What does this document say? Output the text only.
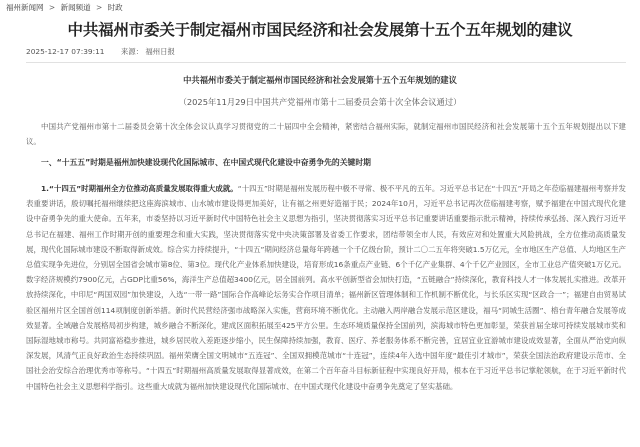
福州新闻网 > 新闻频道 > 时政
中共福州市委关于制定福州市国民经济和社会发展第十五个五年规划的建议
2025-12-17 07:39:11 来源： 福州日报
中共福州市委关于制定福州市国民经济和社会发展第十五个五年规划的建议
（2025年11月29日中国共产党福州市第十二届委员会第十次全体会议通过）

中国共产党福州市第十二届委员会第十次全体会议认真学习贯彻党的二十届四中全会精神，紧密结合福州实际，就制定福州市国民经济和社会发展第十五个五年规划提出以下建议。

一、“十五五”时期是福州加快建设现代化国际城市、在中国式现代化建设中奋勇争先的关键时期

1.“十四五”时期福州全方位推动高质量发展取得重大成就。“十四五”时期是福州发展历程中极不寻常、极不平凡的五年。习近平总书记在“十四五”开局之年莅临福建福州考察并发表重要讲话，殷切嘱托福州继续把这座海滨城市、山水城市建设得更加美好，让有福之州更好造福于民；2024年10月，习近平总书记再次莅临福建考察，赋予福建在中国式现代化建设中奋勇争先的重大使命。五年来，市委坚持以习近平新时代中国特色社会主义思想为指引，坚决贯彻落实习近平总书记重要讲话重要指示批示精神，持续传承弘扬、深入践行习近平总书记在福建、福州工作时期开创的重要理念和重大实践，坚决贯彻落实党中央决策部署及省委工作要求，团结带领全市人民，有效应对和处置重大风险挑战，全方位推动高质量发展，现代化国际城市建设不断取得新成效。综合实力持续提升，“十四五”期间经济总量每年跨越一个千亿级台阶，预计二〇二五年将突破1.5万亿元，全市地区生产总值、人均地区生产总值实现争先进位，分别居全国省会城市第8位、第3位。现代化产业体系加快建设，培育形成16条重点产业链、6个千亿产业集群、4个千亿产业园区，全市工业总产值突破1万亿元。数字经济规模约7900亿元，占GDP比重56%，海洋生产总值超3400亿元，居全国前列。高水平创新型省会加快打造，“五链融合”持续深化，教育科技人才一体发展扎实推进。改革开放持续深化，中印尼“两国双园”加快建设，入选“一带一路”国际合作高峰论坛务实合作项目清单；福州新区管理体制和工作机制不断优化，与长乐区实现“区政合一”；福建自由贸易试验区福州片区全国首创114项制度创新举措。新时代民营经济强市战略深入实施，营商环境不断优化。主动融入两岸融合发展示范区建设，福马“同城生活圈”、榕台青年融合发展等成效显著。全域融合发展格局初步构建，城乡融合不断深化，建成区面积拓展至425平方公里。生态环境质量保持全国前列，滨海城市特色更加彰显，荣获首届全球可持续发展城市奖和国际湿地城市称号。共同富裕稳步推进，城乡居民收入差距逐步缩小，民生保障持续加强，教育、医疗、养老服务体系不断完善，宜居宜业宜游城市建设成效显著，全面从严治党向纵深发展，风清气正良好政治生态持续巩固。福州荣膺全国文明城市“五连冠”、全国双拥模范城市“十连冠”，连续4年入选中国年度“最佳引才城市”，荣获全国法治政府建设示范市、全国社会治安综合治理优秀市等称号。“十四五”时期福州高质量发展取得显著成效，在第二个百年奋斗目标新征程中实现良好开局，根本在于习近平总书记掌舵领航，在于习近平新时代中国特色社会主义思想科学指引。这些重大成就为福州加快建设现代化国际城市、在中国式现代化建设中奋勇争先奠定了坚实基础。
